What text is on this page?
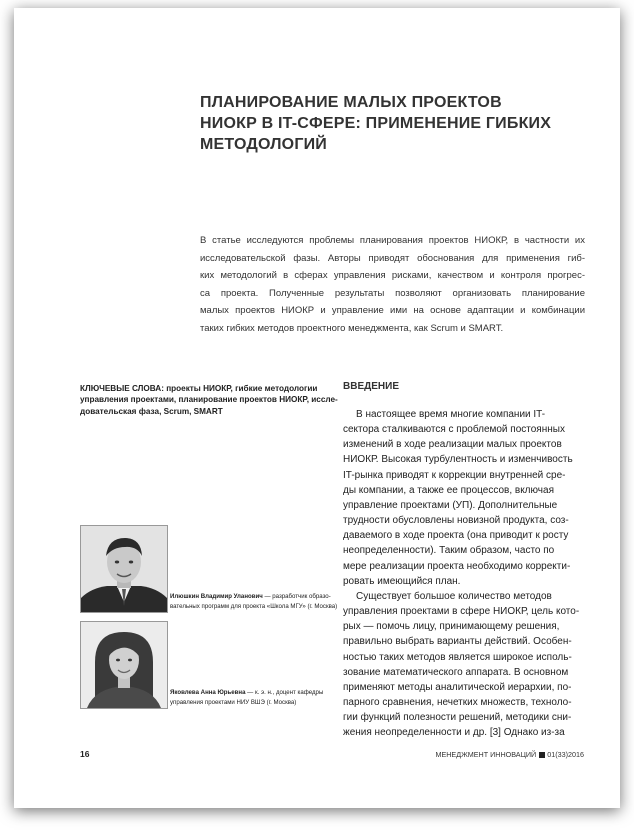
ПЛАНИРОВАНИЕ МАЛЫХ ПРОЕКТОВ
НИОКР В IT-СФЕРЕ: ПРИМЕНЕНИЕ ГИБКИХ
МЕТОДОЛОГИЙ
В статье исследуются проблемы планирования проектов НИОКР, в частности их
исследовательской фазы. Авторы приводят обоснования для применения гиб-
ких методологий в сферах управления рисками, качеством и контроля прогрес-
са проекта. Полученные результаты позволяют организовать планирование
малых проектов НИОКР и управление ими на основе адаптации и комбинации
таких гибких методов проектного менеджмента, как Scrum и SMART.
КЛЮЧЕВЫЕ СЛОВА: проекты НИОКР, гибкие методологии
управления проектами, планирование проектов НИОКР, иссле-
довательская фаза, Scrum, SMART
ВВЕДЕНИЕ
В настоящее время многие компании IT-
сектора сталкиваются с проблемой постоянных
изменений в ходе реализации малых проектов
НИОКР. Высокая турбулентность и изменчивость
IT-рынка приводят к коррекции внутренней сре-
ды компании, а также ее процессов, включая
управление проектами (УП). Дополнительные
трудности обусловлены новизной продукта, соз-
даваемого в ходе проекта (она приводит к росту
неопределенности). Таким образом, часто по
мере реализации проекта необходимо корректи-
ровать имеющийся план.
Существует большое количество методов
управления проектами в сфере НИОКР, цель кото-
рых — помочь лицу, принимающему решения,
правильно выбрать варианты действий. Особен-
ностью таких методов является широкое исполь-
зование математического аппарата. В основном
применяют методы аналитической иерархии, по-
парного сравнения, нечетких множеств, техноло-
гии функций полезности решений, методики сни-
жения неопределенности и др. [3] Однако из-за
Илюшкин Владимир Уланович — разработчик образо-
вательных программ для проекта «Школа МГУ» (г. Москва)
Яковлева Анна Юрьевна — к. э. н., доцент кафедры
управления проектами НИУ ВШЭ (г. Москва)
16	МЕНЕДЖМЕНТ ИННОВАЦИЙ 01(33)2016
